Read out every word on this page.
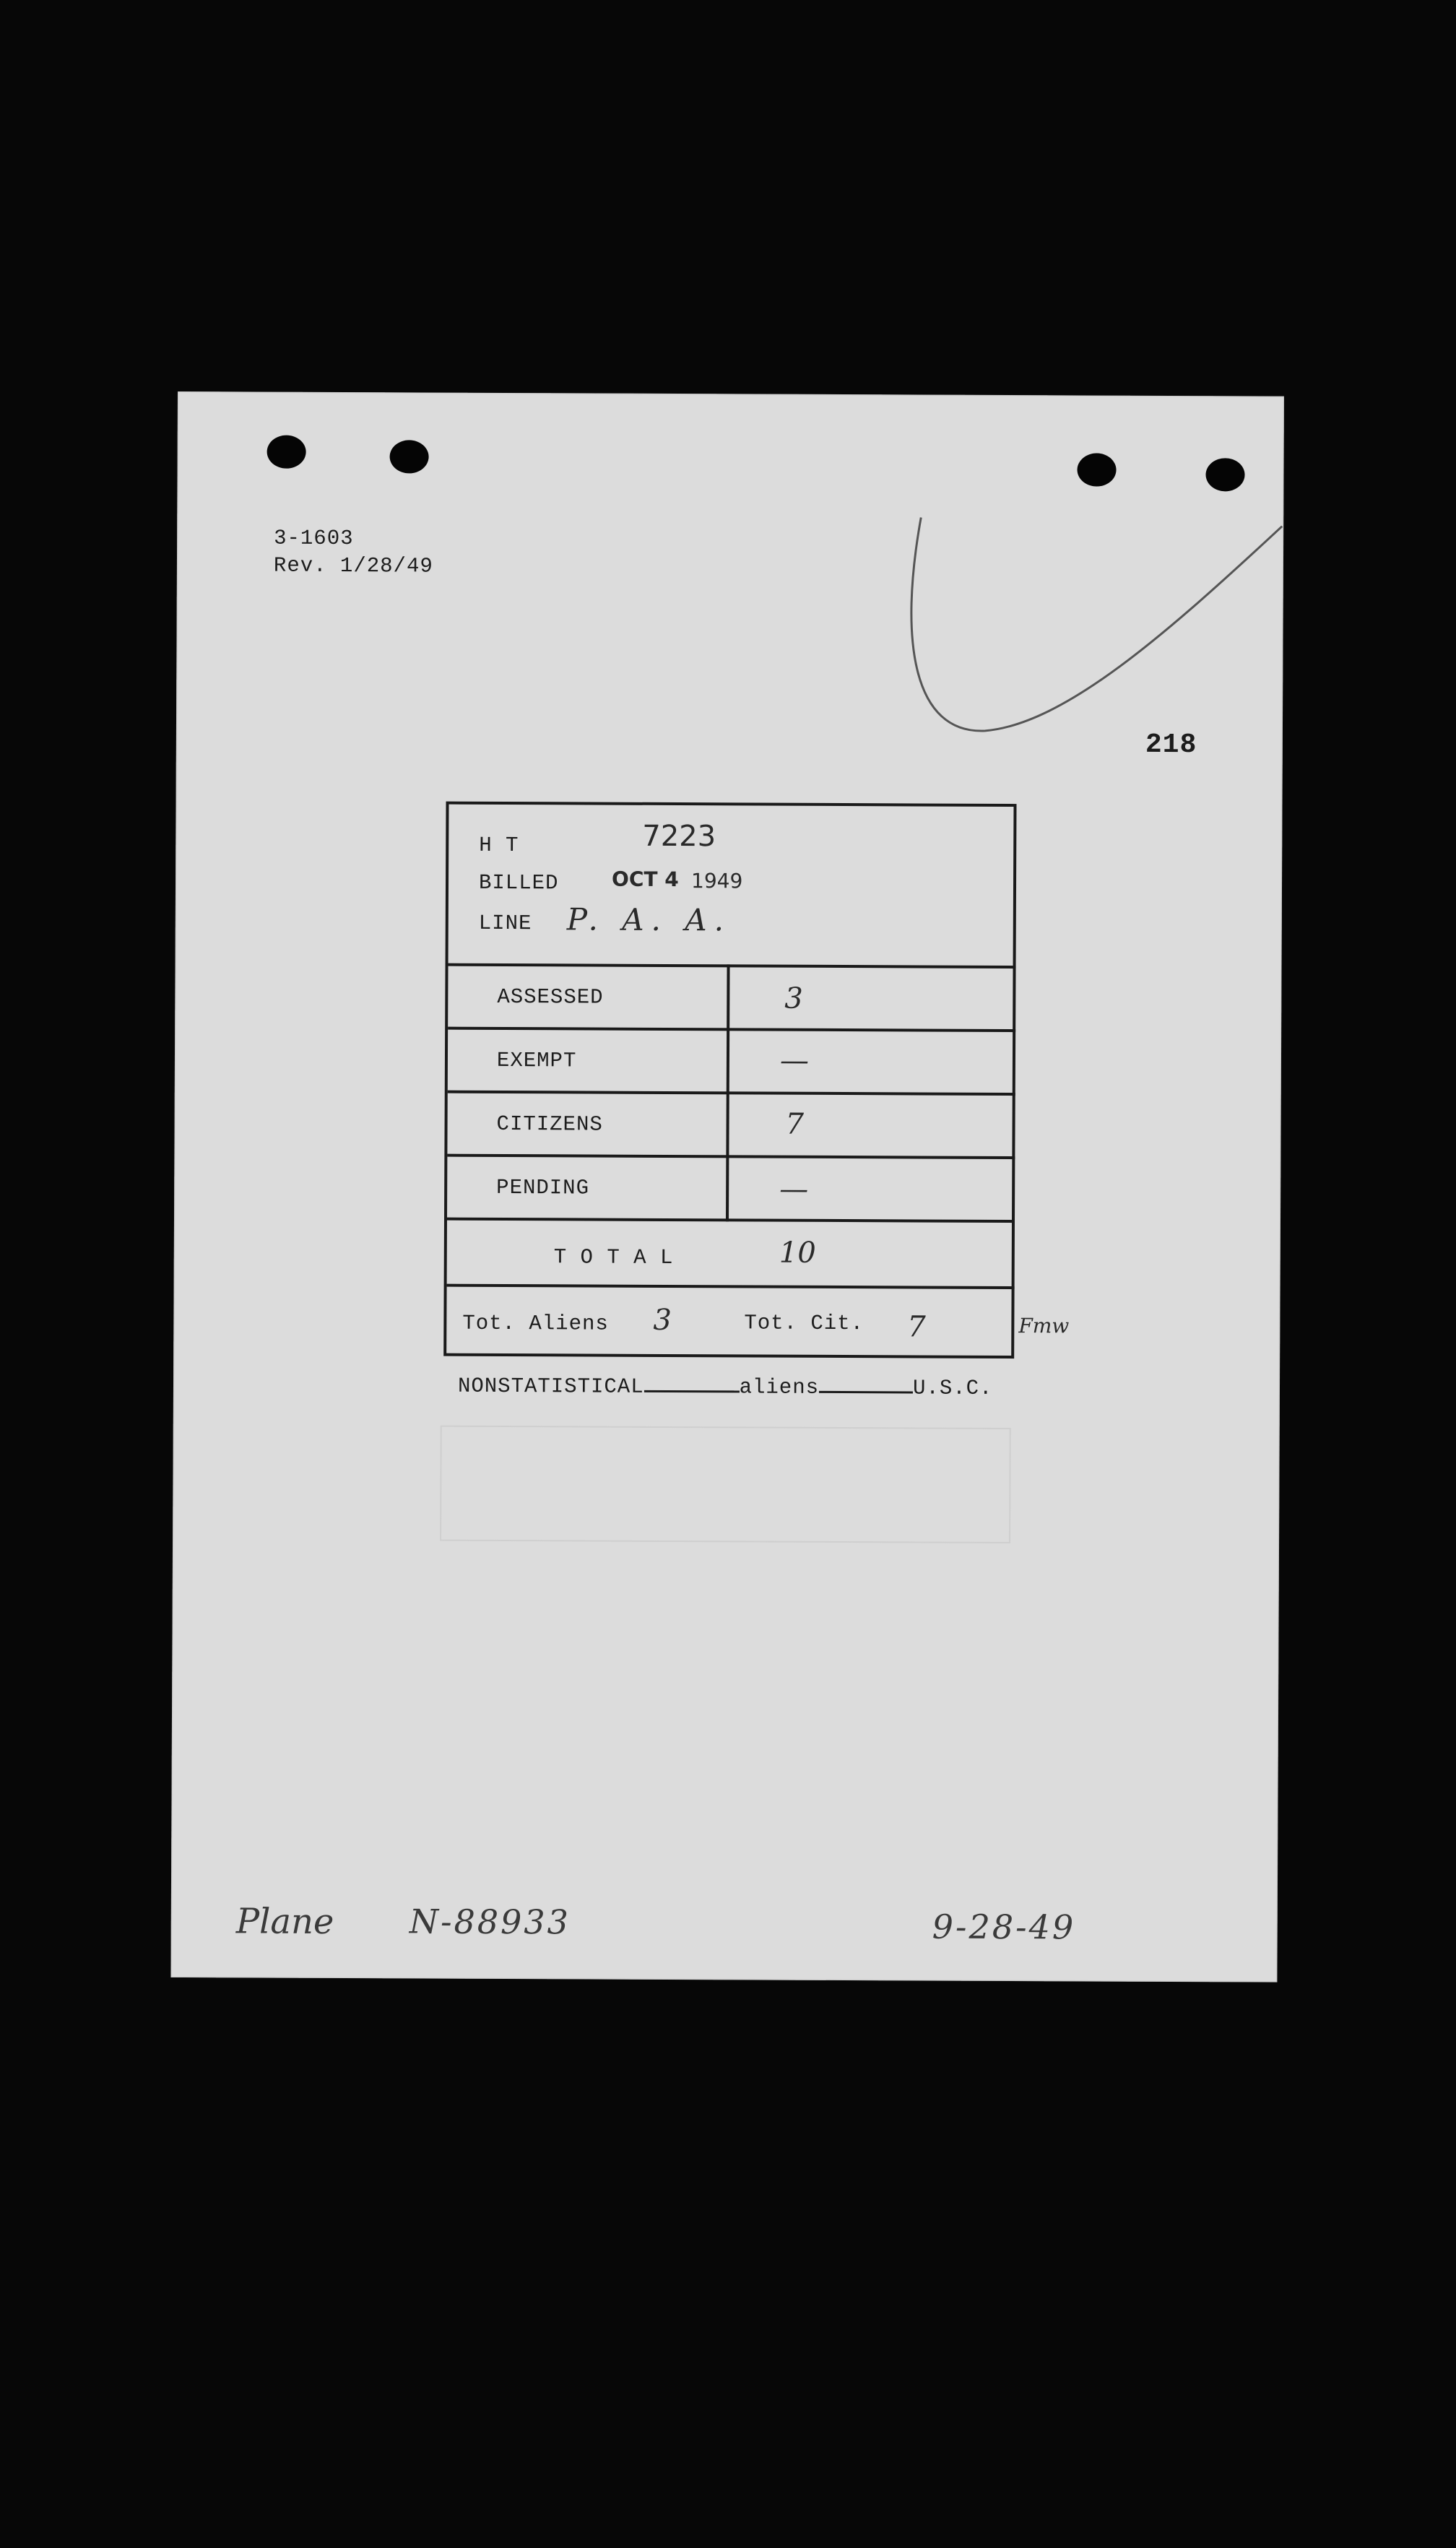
3-1603
Rev. 1/28/49
218
H T	7223
BILLED	OCT 4 1949
LINE P. A. A.
ASSESSED	3
EXEMPT	—
CITIZENS	7
PENDING	—
T O T A L	10
Tot. Aliens 3	Tot. Cit. 7	Fmw
NONSTATISTICAL	aliens	U.S.C.
Plane N-88933	9-28-49
